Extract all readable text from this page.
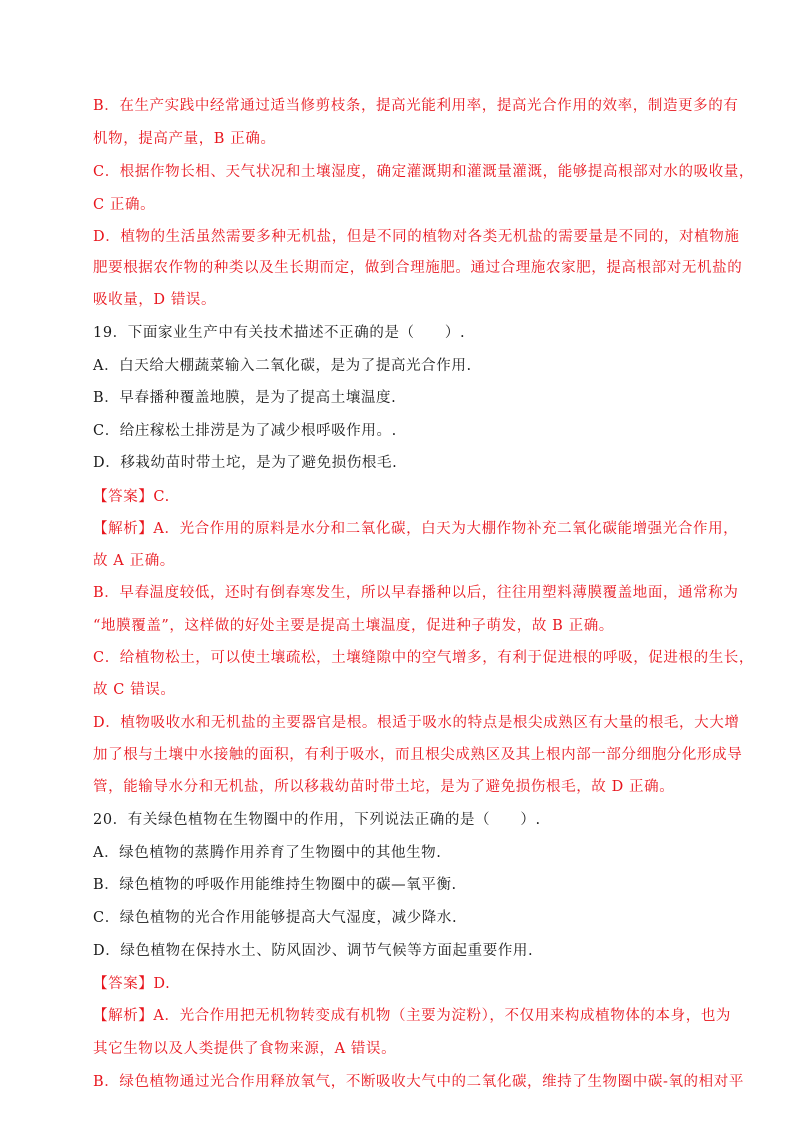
B．在生产实践中经常通过适当修剪枝条，提高光能利用率，提高光合作用的效率，制造更多的有
机物，提高产量，B 正确。
C．根据作物长相、天气状况和土壤湿度，确定灌溉期和灌溉量灌溉，能够提高根部对水的吸收量，
C 正确。
D．植物的生活虽然需要多种无机盐，但是不同的植物对各类无机盐的需要量是不同的，对植物施
肥要根据农作物的种类以及生长期而定，做到合理施肥。通过合理施农家肥，提高根部对无机盐的
吸收量，D 错误。
19．下面家业生产中有关技术描述不正确的是（　　）.
A．白天给大棚蔬菜输入二氧化碳，是为了提高光合作用.
B．早春播种覆盖地膜，是为了提高土壤温度.
C．给庄稼松土排涝是为了减少根呼吸作用。.
D．移栽幼苗时带土坨，是为了避免损伤根毛.
【答案】C.
【解析】A．光合作用的原料是水分和二氧化碳，白天为大棚作物补充二氧化碳能增强光合作用，
故 A 正确。
B．早春温度较低，还时有倒春寒发生，所以早春播种以后，往往用塑料薄膜覆盖地面，通常称为
“地膜覆盖”，这样做的好处主要是提高土壤温度，促进种子萌发，故 B 正确。
C．给植物松土，可以使土壤疏松，土壤缝隙中的空气增多，有利于促进根的呼吸，促进根的生长，
故 C 错误。
D．植物吸收水和无机盐的主要器官是根。根适于吸水的特点是根尖成熟区有大量的根毛，大大增
加了根与土壤中水接触的面积，有利于吸水，而且根尖成熟区及其上根内部一部分细胞分化形成导
管，能输导水分和无机盐，所以移栽幼苗时带土坨，是为了避免损伤根毛，故 D 正确。
20．有关绿色植物在生物圈中的作用，下列说法正确的是（　　）.
A．绿色植物的蒸腾作用养育了生物圈中的其他生物.
B．绿色植物的呼吸作用能维持生物圈中的碳—氧平衡.
C．绿色植物的光合作用能够提高大气湿度，减少降水.
D．绿色植物在保持水土、防风固沙、调节气候等方面起重要作用.
【答案】D.
【解析】A．光合作用把无机物转变成有机物（主要为淀粉），不仅用来构成植物体的本身，也为
其它生物以及人类提供了食物来源，A 错误。
B．绿色植物通过光合作用释放氧气，不断吸收大气中的二氧化碳，维持了生物圈中碳-氧的相对平
